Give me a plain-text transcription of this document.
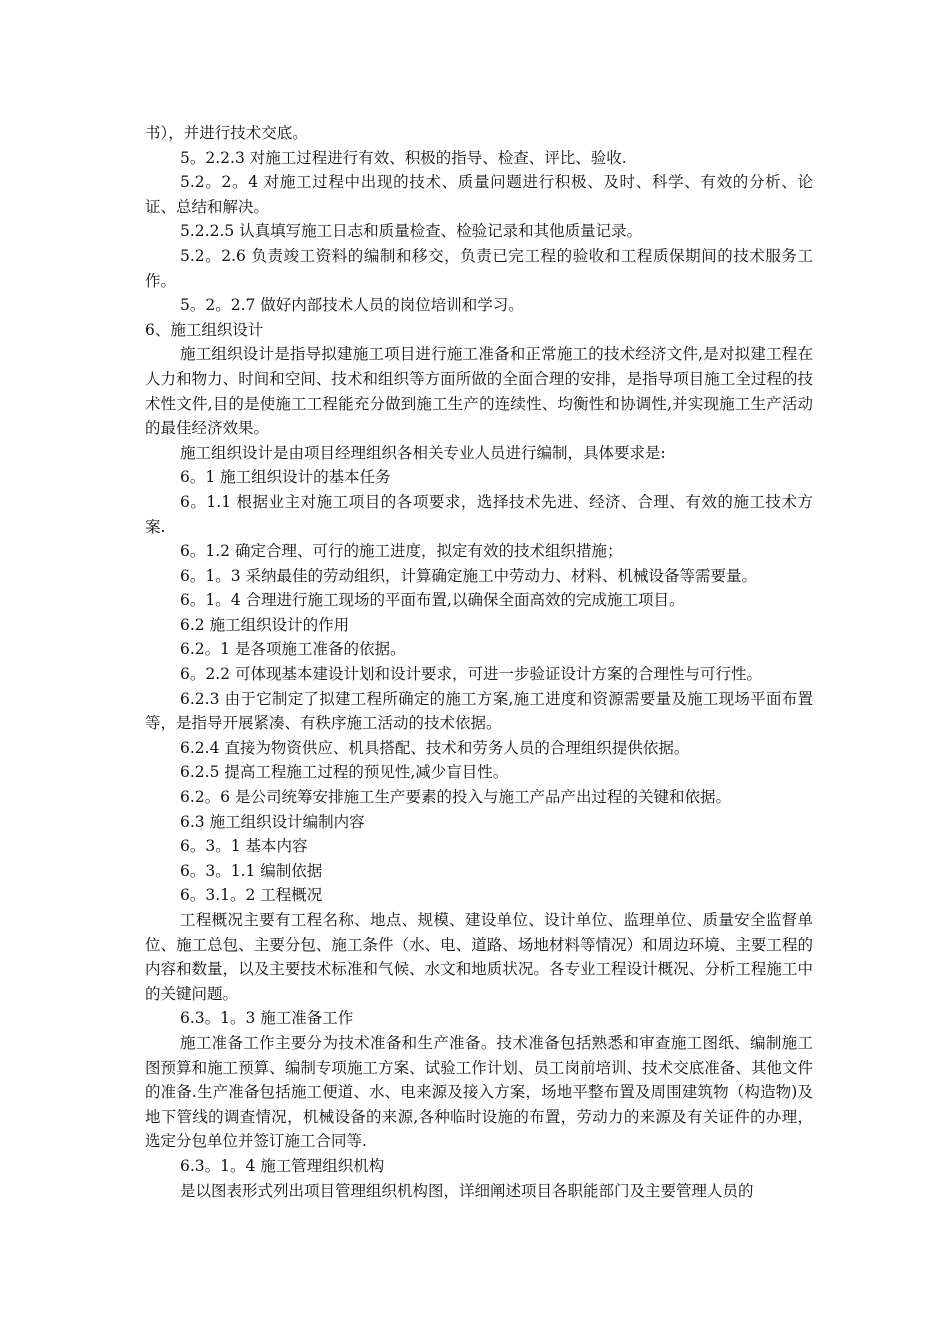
书），并进行技术交底。

5。2.2.3 对施工过程进行有效、积极的指导、检查、评比、验收.

5.2。2。4 对施工过程中出现的技术、质量问题进行积极、及时、科学、有效的分析、论证、总结和解决。

5.2.2.5 认真填写施工日志和质量检查、检验记录和其他质量记录。

5.2。2.6 负责竣工资料的编制和移交，负责已完工程的验收和工程质保期间的技术服务工作。

5。2。2.7 做好内部技术人员的岗位培训和学习。

6、施工组织设计

施工组织设计是指导拟建施工项目进行施工准备和正常施工的技术经济文件,是对拟建工程在人力和物力、时间和空间、技术和组织等方面所做的全面合理的安排，是指导项目施工全过程的技术性文件,目的是使施工工程能充分做到施工生产的连续性、均衡性和协调性,并实现施工生产活动的最佳经济效果。

施工组织设计是由项目经理组织各相关专业人员进行编制，具体要求是:

6。1 施工组织设计的基本任务

6。1.1 根据业主对施工项目的各项要求，选择技术先进、经济、合理、有效的施工技术方案.

6。1.2 确定合理、可行的施工进度，拟定有效的技术组织措施；

6。1。3 采纳最佳的劳动组织，计算确定施工中劳动力、材料、机械设备等需要量。

6。1。4 合理进行施工现场的平面布置,以确保全面高效的完成施工项目。

6.2 施工组织设计的作用

6.2。1 是各项施工准备的依据。

6。2.2 可体现基本建设计划和设计要求，可进一步验证设计方案的合理性与可行性。

6.2.3 由于它制定了拟建工程所确定的施工方案,施工进度和资源需要量及施工现场平面布置等，是指导开展紧凑、有秩序施工活动的技术依据。

6.2.4 直接为物资供应、机具搭配、技术和劳务人员的合理组织提供依据。

6.2.5 提高工程施工过程的预见性,减少盲目性。

6.2。6 是公司统筹安排施工生产要素的投入与施工产品产出过程的关键和依据。

6.3 施工组织设计编制内容

6。3。1 基本内容

6。3。1.1 编制依据

6。3.1。2 工程概况

工程概况主要有工程名称、地点、规模、建设单位、设计单位、监理单位、质量安全监督单位、施工总包、主要分包、施工条件（水、电、道路、场地材料等情况）和周边环境、主要工程的内容和数量，以及主要技术标准和气候、水文和地质状况。各专业工程设计概况、分析工程施工中的关键问题。

6.3。1。3 施工准备工作

施工准备工作主要分为技术准备和生产准备。技术准备包括熟悉和审查施工图纸、编制施工图预算和施工预算、编制专项施工方案、试验工作计划、员工岗前培训、技术交底准备、其他文件的准备.生产准备包括施工便道、水、电来源及接入方案，场地平整布置及周围建筑物（构造物)及地下管线的调查情况，机械设备的来源,各种临时设施的布置，劳动力的来源及有关证件的办理，选定分包单位并签订施工合同等.

6.3。1。4 施工管理组织机构

是以图表形式列出项目管理组织机构图，详细阐述项目各职能部门及主要管理人员的
